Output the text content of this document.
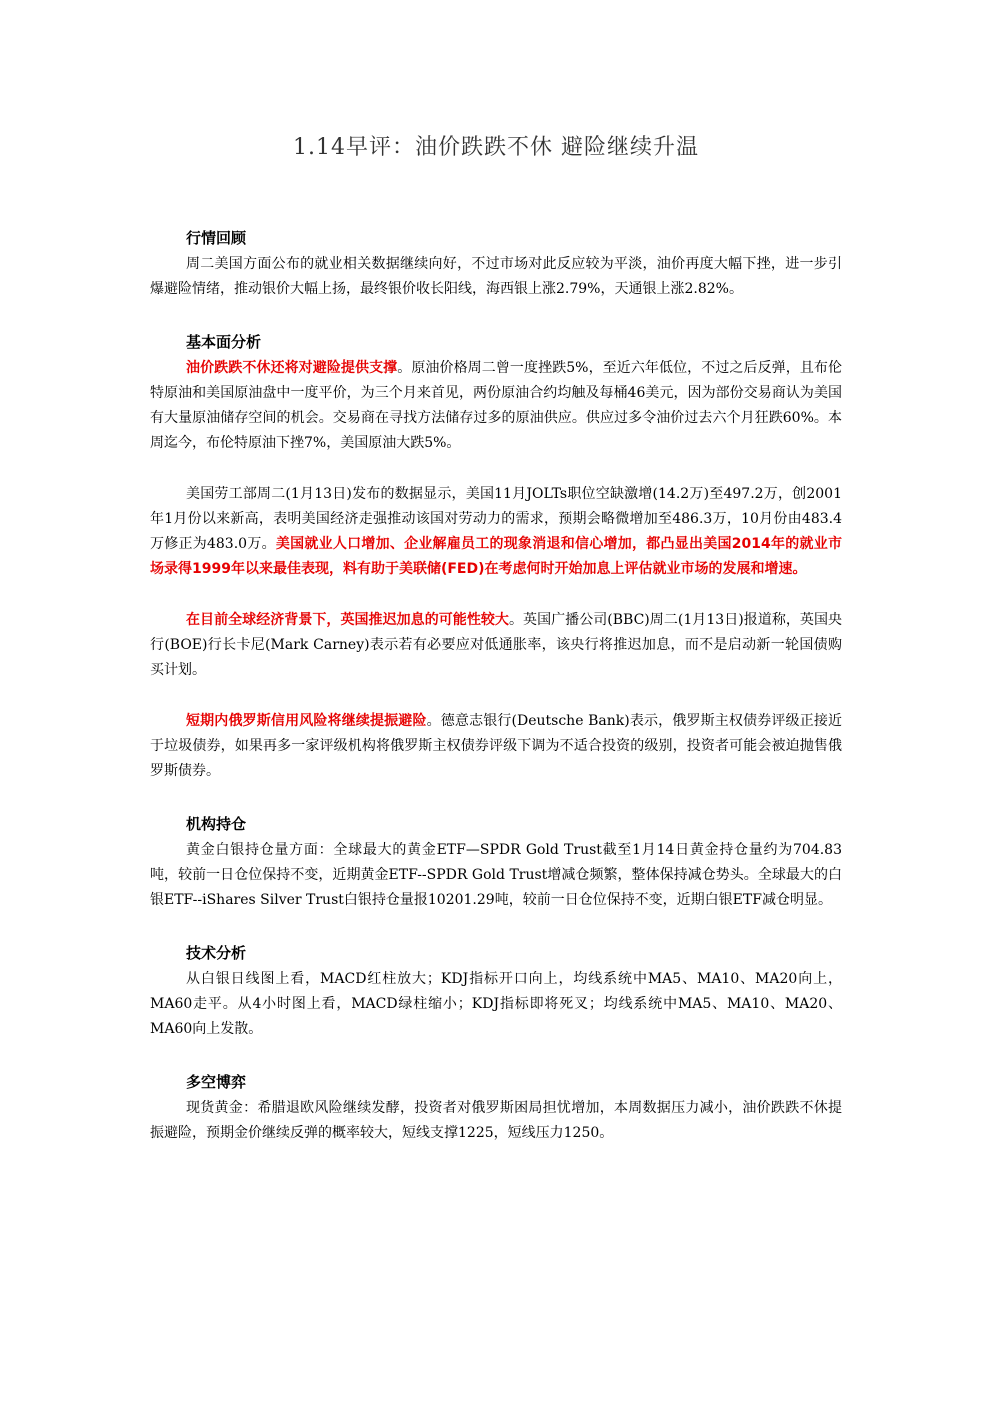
1.14早评：油价跌跌不休 避险继续升温
行情回顾

周二美国方面公布的就业相关数据继续向好，不过市场对此反应较为平淡，油价再度大幅下挫，进一步引爆避险情绪，推动银价大幅上扬，最终银价收长阳线，海西银上涨2.79%，天通银上涨2.82%。

基本面分析

油价跌跌不休还将对避险提供支撑。原油价格周二曾一度挫跌5%，至近六年低位，不过之后反弹，且布伦特原油和美国原油盘中一度平价，为三个月来首见，两份原油合约均触及每桶46美元，因为部份交易商认为美国有大量原油储存空间的机会。交易商在寻找方法储存过多的原油供应。供应过多令油价过去六个月狂跌60%。本周迄今，布伦特原油下挫7%，美国原油大跌5%。

美国劳工部周二(1月13日)发布的数据显示，美国11月JOLTs职位空缺激增(14.2万)至497.2万，创2001年1月份以来新高，表明美国经济走强推动该国对劳动力的需求，预期会略微增加至486.3万，10月份由483.4万修正为483.0万。美国就业人口增加、企业解雇员工的现象消退和信心增加，都凸显出美国2014年的就业市场录得1999年以来最佳表现，料有助于美联储(FED)在考虑何时开始加息上评估就业市场的发展和增速。

在目前全球经济背景下，英国推迟加息的可能性较大。英国广播公司(BBC)周二(1月13日)报道称，英国央行(BOE)行长卡尼(Mark Carney)表示若有必要应对低通胀率，该央行将推迟加息，而不是启动新一轮国债购买计划。

短期内俄罗斯信用风险将继续提振避险。德意志银行(Deutsche Bank)表示，俄罗斯主权债券评级正接近于垃圾债券，如果再多一家评级机构将俄罗斯主权债券评级下调为不适合投资的级别，投资者可能会被迫抛售俄罗斯债券。

机构持仓

黄金白银持仓量方面：全球最大的黄金ETF—SPDR Gold Trust截至1月14日黄金持仓量约为704.83吨，较前一日仓位保持不变，近期黄金ETF--SPDR Gold Trust增减仓频繁，整体保持减仓势头。全球最大的白银ETF--iShares Silver Trust白银持仓量报10201.29吨，较前一日仓位保持不变，近期白银ETF减仓明显。

技术分析

从白银日线图上看，MACD红柱放大；KDJ指标开口向上，均线系统中MA5、MA10、MA20向上， MA60走平。从4小时图上看，MACD绿柱缩小；KDJ指标即将死叉；均线系统中MA5、MA10、MA20、MA60向上发散。

多空博弈

现货黄金：希腊退欧风险继续发酵，投资者对俄罗斯困局担忧增加，本周数据压力减小，油价跌跌不休提振避险，预期金价继续反弹的概率较大，短线支撑1225，短线压力1250。
